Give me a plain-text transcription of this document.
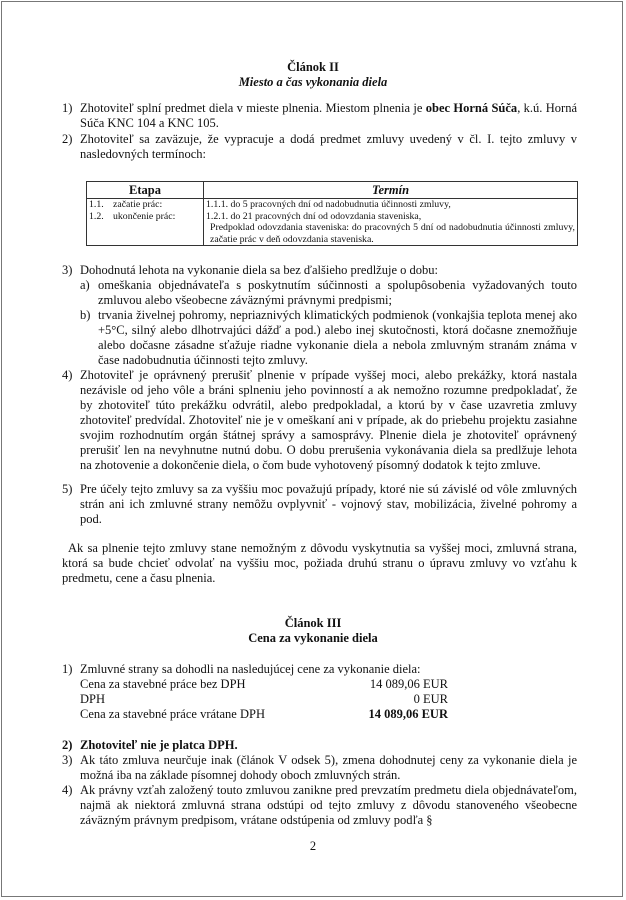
Článok II
Miesto a čas vykonania diela
1) Zhotoviteľ splní predmet diela v mieste plnenia. Miestom plnenia je obec Horná Súča, k.ú. Horná Súča KNC 104 a KNC 105.
2) Zhotoviteľ sa zaväzuje, že vypracuje a dodá predmet zmluvy uvedený v čl. I. tejto zmluvy v nasledovných termínoch:
Etapa		Termín
1.1.	začatie prác:	1.1.1. do 5 pracovných dní od nadobudnutia účinnosti zmluvy,
1.2.	ukončenie prác:	1.2.1. do 21 pracovných dní od odovzdania staveniska,
Predpoklad odovzdania staveniska: do pracovných 5 dní od nadobudnutia účinnosti zmluvy, začatie prác v deň odovzdania staveniska.
3) Dohodnutá lehota na vykonanie diela sa bez ďalšieho predlžuje o dobu:
a) omeškania objednávateľa s poskytnutím súčinnosti a spolupôsobenia vyžadovaných touto zmluvou alebo všeobecne záväznými právnymi predpismi;
b) trvania živelnej pohromy, nepriaznivých klimatických podmienok (vonkajšia teplota menej ako +5°C, silný alebo dlhotrvajúci dážď a pod.) alebo inej skutočnosti, ktorá dočasne znemožňuje alebo dočasne zásadne sťažuje riadne vykonanie diela a nebola zmluvným stranám známa v čase nadobudnutia účinnosti tejto zmluvy.
4) Zhotoviteľ je oprávnený prerušiť plnenie v prípade vyššej moci, alebo prekážky, ktorá nastala nezávisle od jeho vôle a bráni splneniu jeho povinností a ak nemožno rozumne predpokladať, že by zhotoviteľ túto prekážku odvrátil, alebo predpokladal, a ktorú by v čase uzavretia zmluvy zhotoviteľ predvídal. Zhotoviteľ nie je v omeškaní ani v prípade, ak do priebehu projektu zasiahne svojim rozhodnutím orgán štátnej správy a samosprávy. Plnenie diela je zhotoviteľ oprávnený prerušiť len na nevyhnutne nutnú dobu. O dobu prerušenia vykonávania diela sa predlžuje lehota na zhotovenie a dokončenie diela, o čom bude vyhotovený písomný dodatok k tejto zmluve.
5) Pre účely tejto zmluvy sa za vyššiu moc považujú prípady, ktoré nie sú závislé od vôle zmluvných strán ani ich zmluvné strany nemôžu ovplyvniť - vojnový stav, mobilizácia, živelné pohromy a pod.
Ak sa plnenie tejto zmluvy stane nemožným z dôvodu vyskytnutia sa vyššej moci, zmluvná strana, ktorá sa bude chcieť odvolať na vyššiu moc, požiada druhú stranu o úpravu zmluvy vo vzťahu k predmetu, cene a času plnenia.
Článok III
Cena za vykonanie diela
1) Zmluvné strany sa dohodli na nasledujúcej cene za vykonanie diela:
Cena za stavebné práce bez DPH	14 089,06 EUR
DPH	0 EUR
Cena za stavebné práce vrátane DPH	14 089,06 EUR
2) Zhotoviteľ nie je platca DPH.
3) Ak táto zmluva neurčuje inak (článok V odsek 5), zmena dohodnutej ceny za vykonanie diela je možná iba na základe písomnej dohody oboch zmluvných strán.
4) Ak právny vzťah založený touto zmluvou zanikne pred prevzatím predmetu diela objednávateľom, najmä ak niektorá zmluvná strana odstúpi od tejto zmluvy z dôvodu stanoveného všeobecne záväzným právnym predpisom, vrátane odstúpenia od zmluvy podľa §
2
